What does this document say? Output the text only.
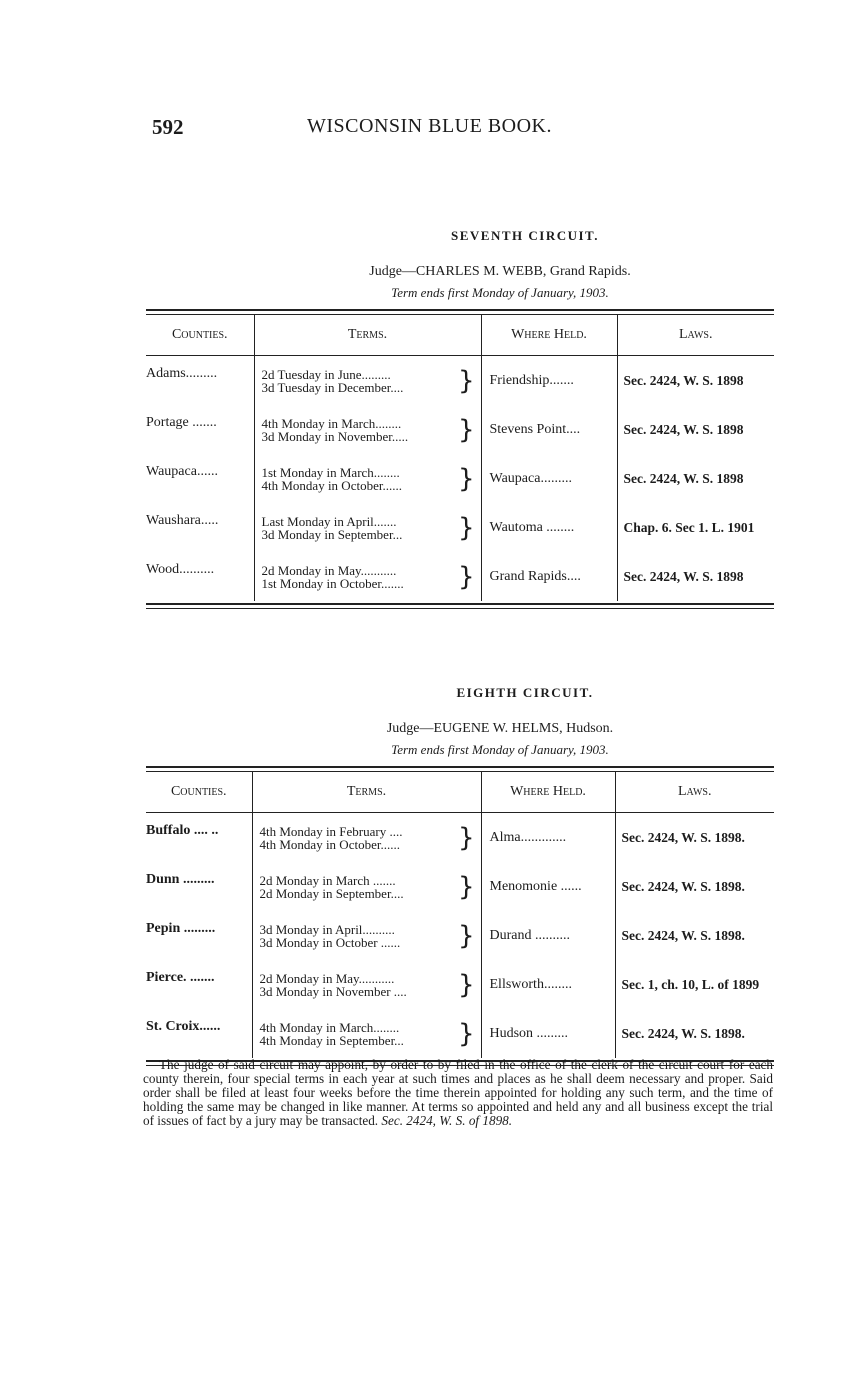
592	WISCONSIN BLUE BOOK.
SEVENTH CIRCUIT.
Judge—CHARLES M. WEBB, Grand Rapids.
Term ends first Monday of January, 1903.
Counties.	Terms.	Where Held.	Laws.
Adams.........	2d Tuesday in June.........
3d Tuesday in December.... }	Friendship.......	Sec. 2424, W. S. 1898
Portage .......	4th Monday in March........
3d Monday in November..... }	Stevens Point....	Sec. 2424, W. S. 1898
Waupaca......	1st Monday in March........
4th Monday in October...... }	Waupaca.........	Sec. 2424, W. S. 1898
Waushara.....	Last Monday in April.......
3d Monday in September... }	Wautoma ........	Chap. 6. Sec 1. L. 1901
Wood..........	2d Monday in May...........
1st Monday in October....... }	Grand Rapids....	Sec. 2424, W. S. 1898
EIGHTH CIRCUIT.
Judge—EUGENE W. HELMS, Hudson.
Term ends first Monday of January, 1903.
Counties.	Terms.	Where Held.	Laws.
Buffalo .... ..	4th Monday in February ....
4th Monday in October...... }	Alma.............	Sec. 2424, W. S. 1898.
Dunn .........	2d Monday in March .......
2d Monday in September.... }	Menomonie ......	Sec. 2424, W. S. 1898.
Pepin .........	3d Monday in April..........
3d Monday in October ...... }	Durand ..........	Sec. 2424, W. S. 1898.
Pierce. .......	2d Monday in May...........
3d Monday in November .... }	Ellsworth........	Sec. 1, ch. 10, L. of 1899
St. Croix......	4th Monday in March........
4th Monday in September... }	Hudson .........	Sec. 2424, W. S. 1898.
The judge of said circuit may appoint, by order to by filed in the office of the clerk of the circuit court for each county therein, four special terms in each year at such times and places as he shall deem necessary and proper. Said order shall be filed at least four weeks before the time therein appointed for holding any such term, and the time of holding the same may be changed in like manner. At terms so appointed and held any and all business except the trial of issues of fact by a jury may be transacted. Sec. 2424, W. S. of 1898.
